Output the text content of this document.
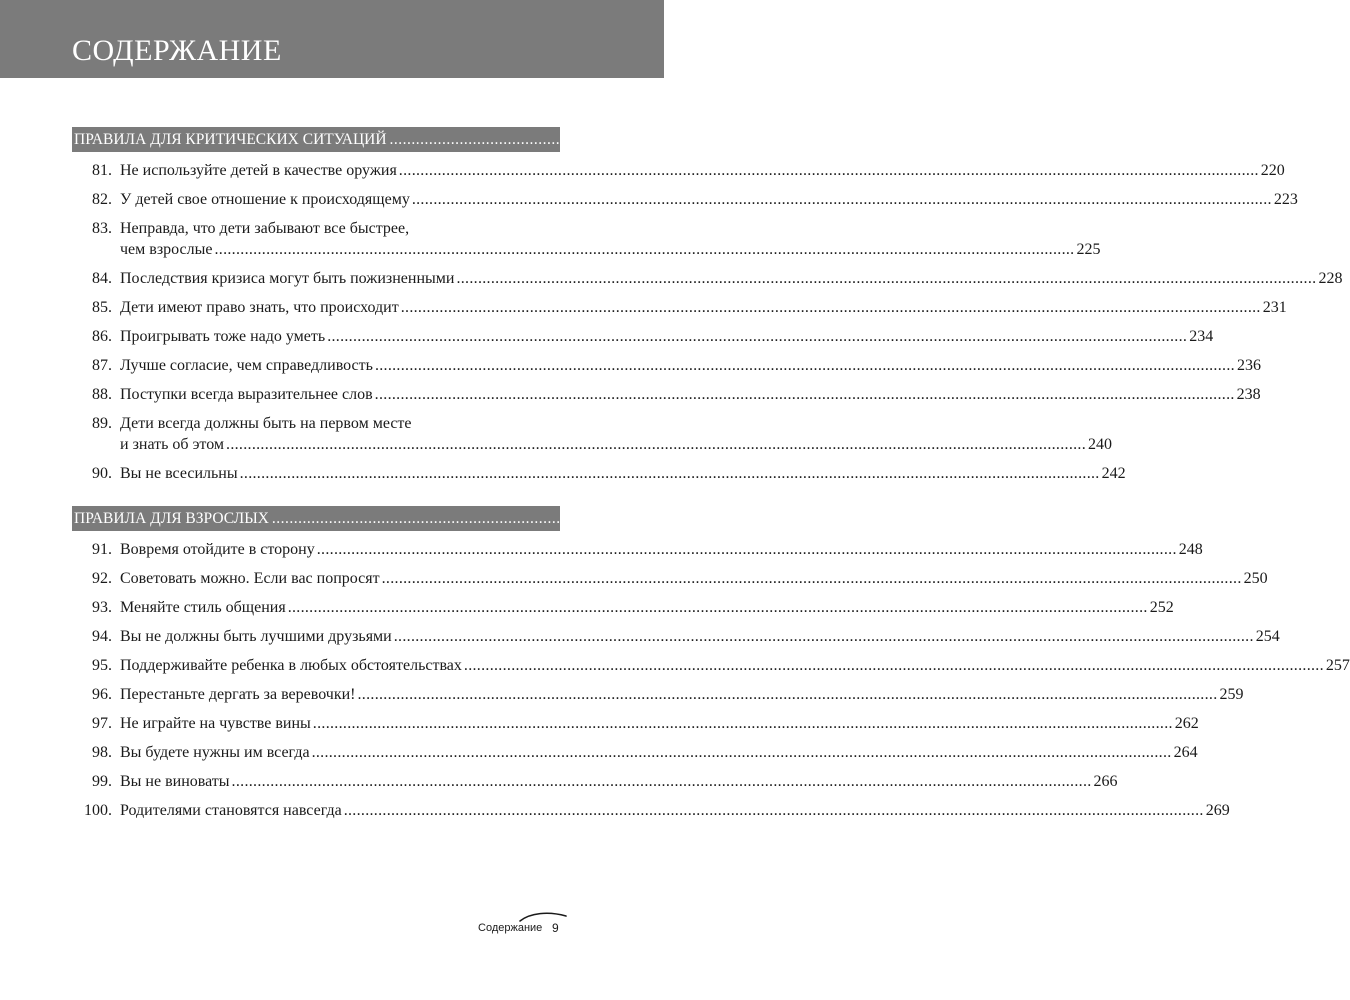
СОДЕРЖАНИЕ
ПРАВИЛА ДЛЯ КРИТИЧЕСКИХ СИТУАЦИЙ .....	217
81. Не используйте детей в качестве оружия .....	220
82. У детей свое отношение к происходящему .....	223
83. Неправда, что дети забывают все быстрее,
чем взрослые .....	225
84. Последствия кризиса могут быть пожизненными .....	228
85. Дети имеют право знать, что происходит .....	231
86. Проигрывать тоже надо уметь .....	234
87. Лучше согласие, чем справедливость .....	236
88. Поступки всегда выразительнее слов .....	238
89. Дети всегда должны быть на первом месте
и знать об этом .....	240
90. Вы не всесильны .....	242
ПРАВИЛА ДЛЯ ВЗРОСЛЫХ .....	245
91. Вовремя отойдите в сторону .....	248
92. Советовать можно. Если вас попросят .....	250
93. Меняйте стиль общения .....	252
94. Вы не должны быть лучшими друзьями .....	254
95. Поддерживайте ребенка в любых обстоятельствах .....	257
96. Перестаньте дергать за веревочки! .....	259
97. Не играйте на чувстве вины .....	262
98. Вы будете нужны им всегда .....	264
99. Вы не виноваты .....	266
100. Родителями становятся навсегда .....	269
Содержание 9
